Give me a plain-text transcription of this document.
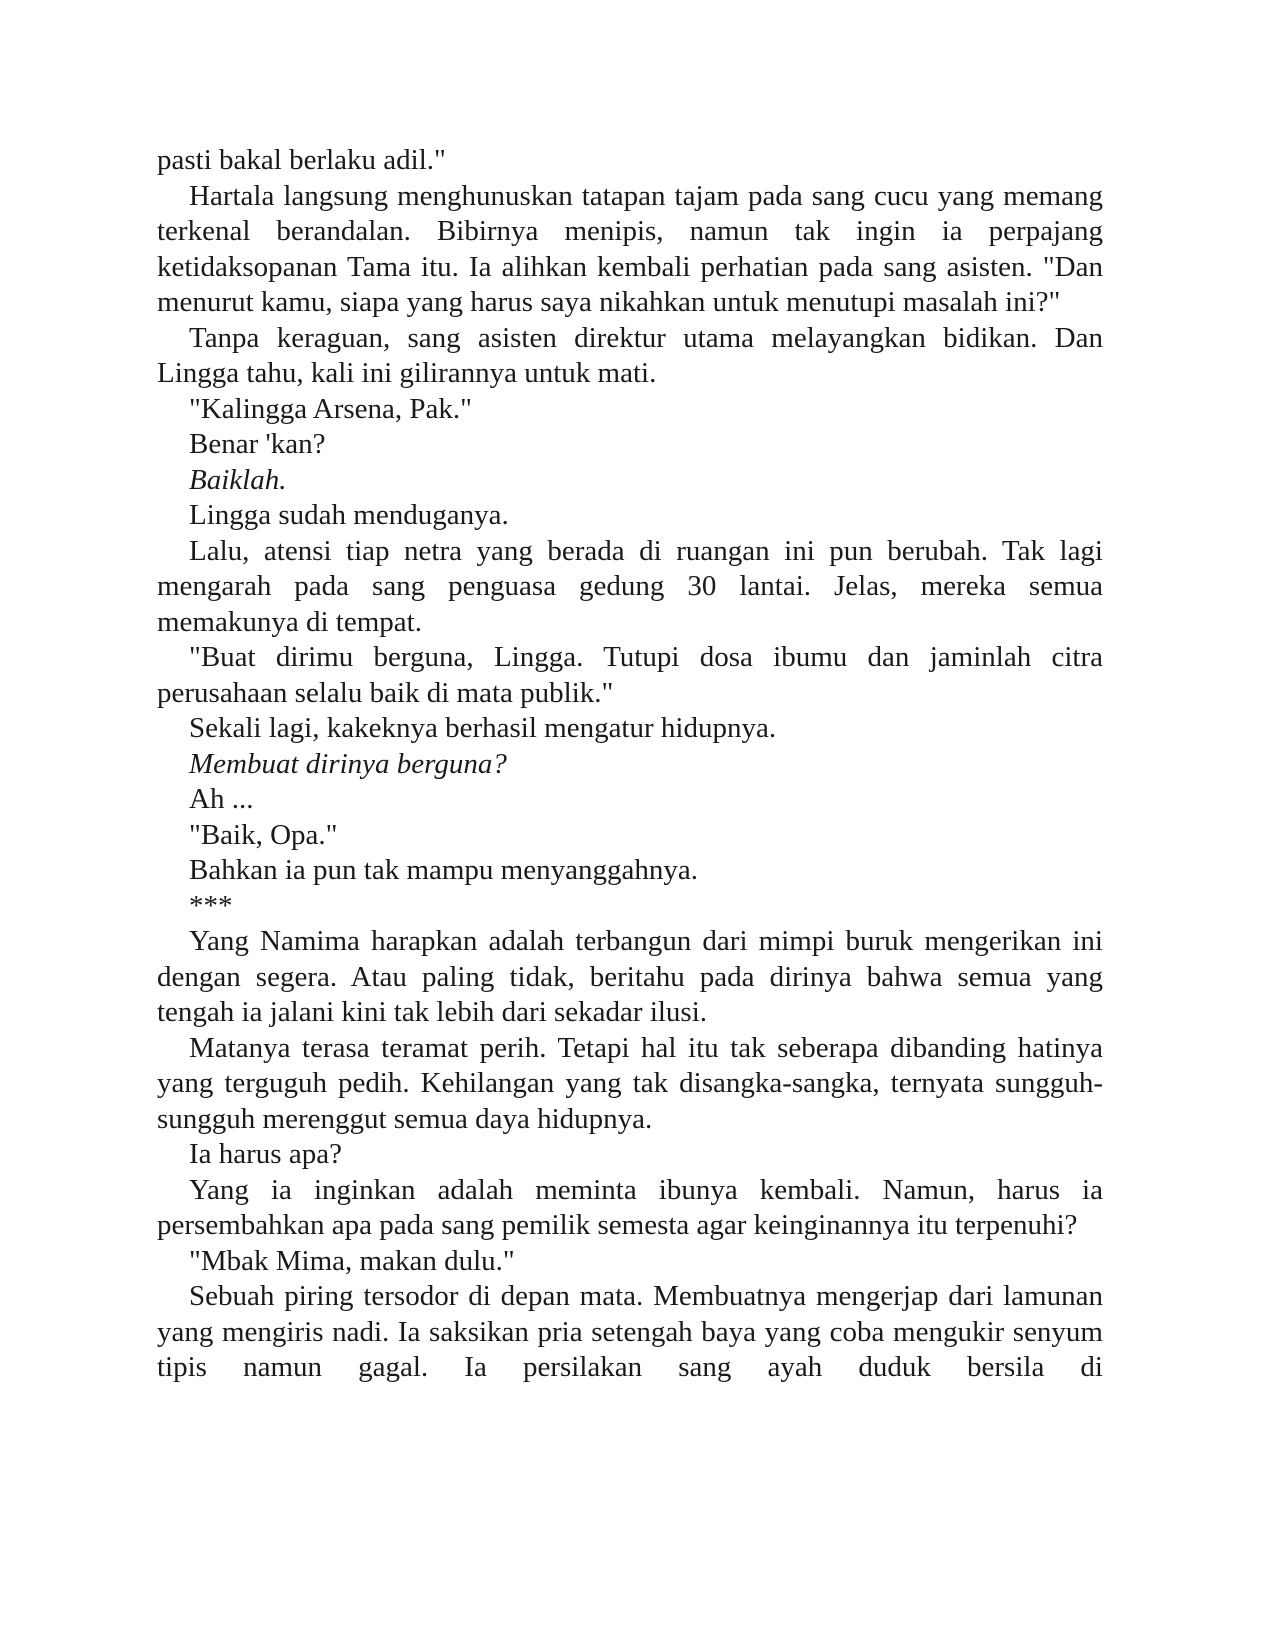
pasti bakal berlaku adil."

Hartala langsung menghunuskan tatapan tajam pada sang cucu yang memang terkenal berandalan. Bibirnya menipis, namun tak ingin ia perpajang ketidaksopanan Tama itu. Ia alihkan kembali perhatian pada sang asisten. "Dan menurut kamu, siapa yang harus saya nikahkan untuk menutupi masalah ini?"

Tanpa keraguan, sang asisten direktur utama melayangkan bidikan. Dan Lingga tahu, kali ini gilirannya untuk mati.

"Kalingga Arsena, Pak."

Benar 'kan?

Baiklah.

Lingga sudah menduganya.

Lalu, atensi tiap netra yang berada di ruangan ini pun berubah. Tak lagi mengarah pada sang penguasa gedung 30 lantai. Jelas, mereka semua memakunya di tempat.

"Buat dirimu berguna, Lingga. Tutupi dosa ibumu dan jaminlah citra perusahaan selalu baik di mata publik."

Sekali lagi, kakeknya berhasil mengatur hidupnya.

Membuat dirinya berguna?

Ah ...

"Baik, Opa."

Bahkan ia pun tak mampu menyanggahnya.

***

Yang Namima harapkan adalah terbangun dari mimpi buruk mengerikan ini dengan segera. Atau paling tidak, beritahu pada dirinya bahwa semua yang tengah ia jalani kini tak lebih dari sekadar ilusi.

Matanya terasa teramat perih. Tetapi hal itu tak seberapa dibanding hatinya yang terguguh pedih. Kehilangan yang tak disangka-sangka, ternyata sungguh-sungguh merenggut semua daya hidupnya.

Ia harus apa?

Yang ia inginkan adalah meminta ibunya kembali. Namun, harus ia persembahkan apa pada sang pemilik semesta agar keinginannya itu terpenuhi?

"Mbak Mima, makan dulu."

Sebuah piring tersodor di depan mata. Membuatnya mengerjap dari lamunan yang mengiris nadi. Ia saksikan pria setengah baya yang coba mengukir senyum tipis namun gagal. Ia persilakan sang ayah duduk bersila di
